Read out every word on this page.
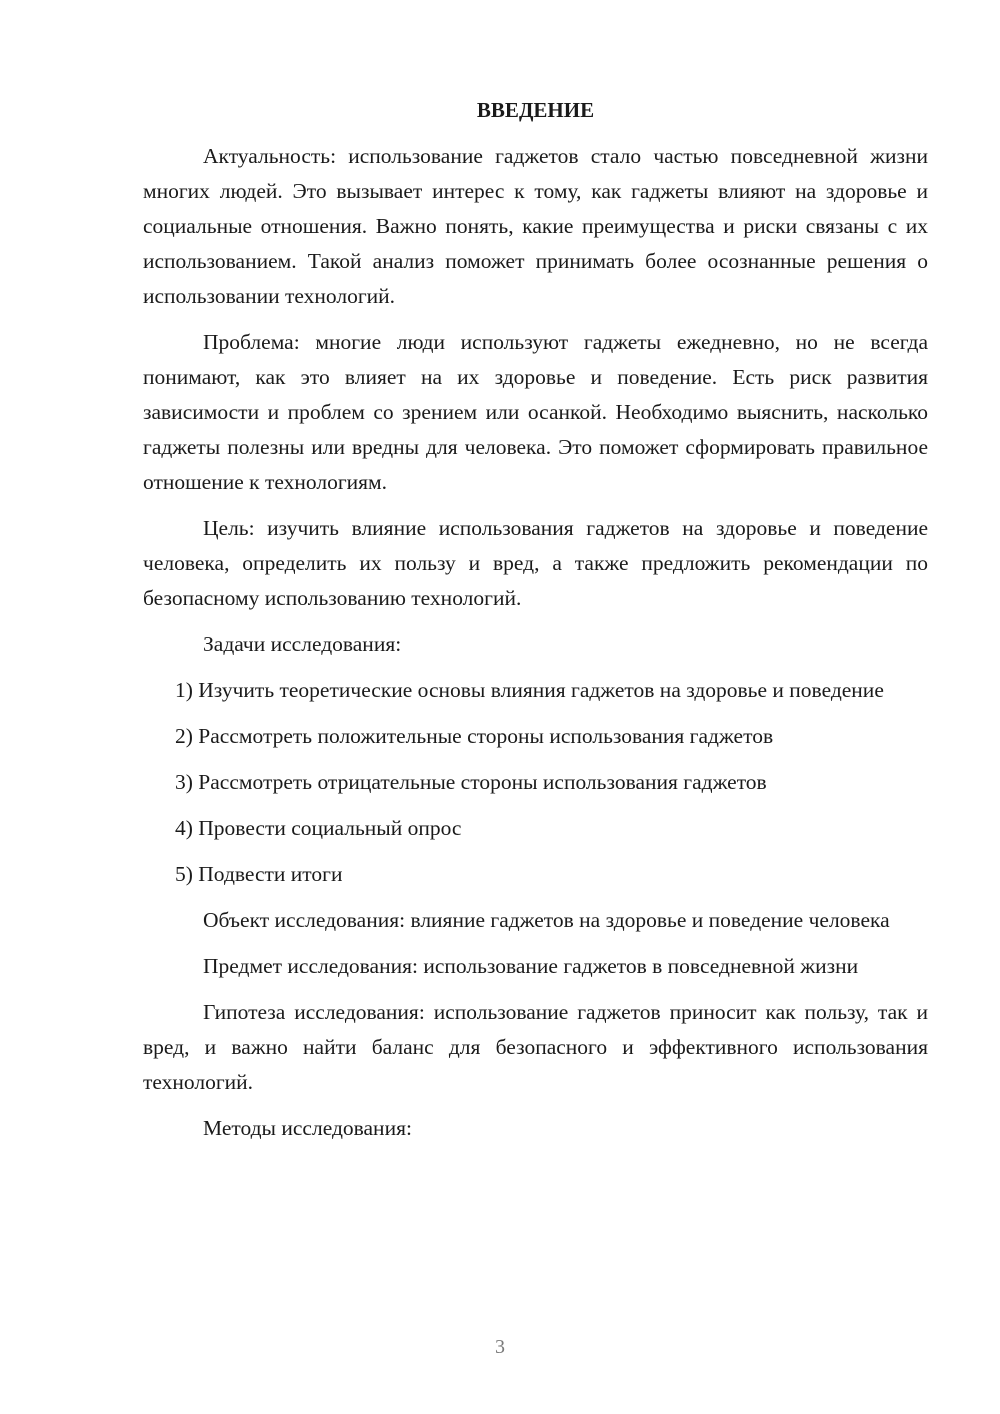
ВВЕДЕНИЕ

Актуальность: использование гаджетов стало частью повседневной жизни многих людей. Это вызывает интерес к тому, как гаджеты влияют на здоровье и социальные отношения. Важно понять, какие преимущества и риски связаны с их использованием. Такой анализ поможет принимать более осознанные решения о использовании технологий.

Проблема: многие люди используют гаджеты ежедневно, но не всегда понимают, как это влияет на их здоровье и поведение. Есть риск развития зависимости и проблем со зрением или осанкой. Необходимо выяснить, насколько гаджеты полезны или вредны для человека. Это поможет сформировать правильное отношение к технологиям.

Цель: изучить влияние использования гаджетов на здоровье и поведение человека, определить их пользу и вред, а также предложить рекомендации по безопасному использованию технологий.

Задачи исследования:

1) Изучить теоретические основы влияния гаджетов на здоровье и поведение

2) Рассмотреть положительные стороны использования гаджетов

3) Рассмотреть отрицательные стороны использования гаджетов

4) Провести социальный опрос

5) Подвести итоги

Объект исследования: влияние гаджетов на здоровье и поведение человека

Предмет исследования: использование гаджетов в повседневной жизни

Гипотеза исследования: использование гаджетов приносит как пользу, так и вред, и важно найти баланс для безопасного и эффективного использования технологий.

Методы исследования:

3
